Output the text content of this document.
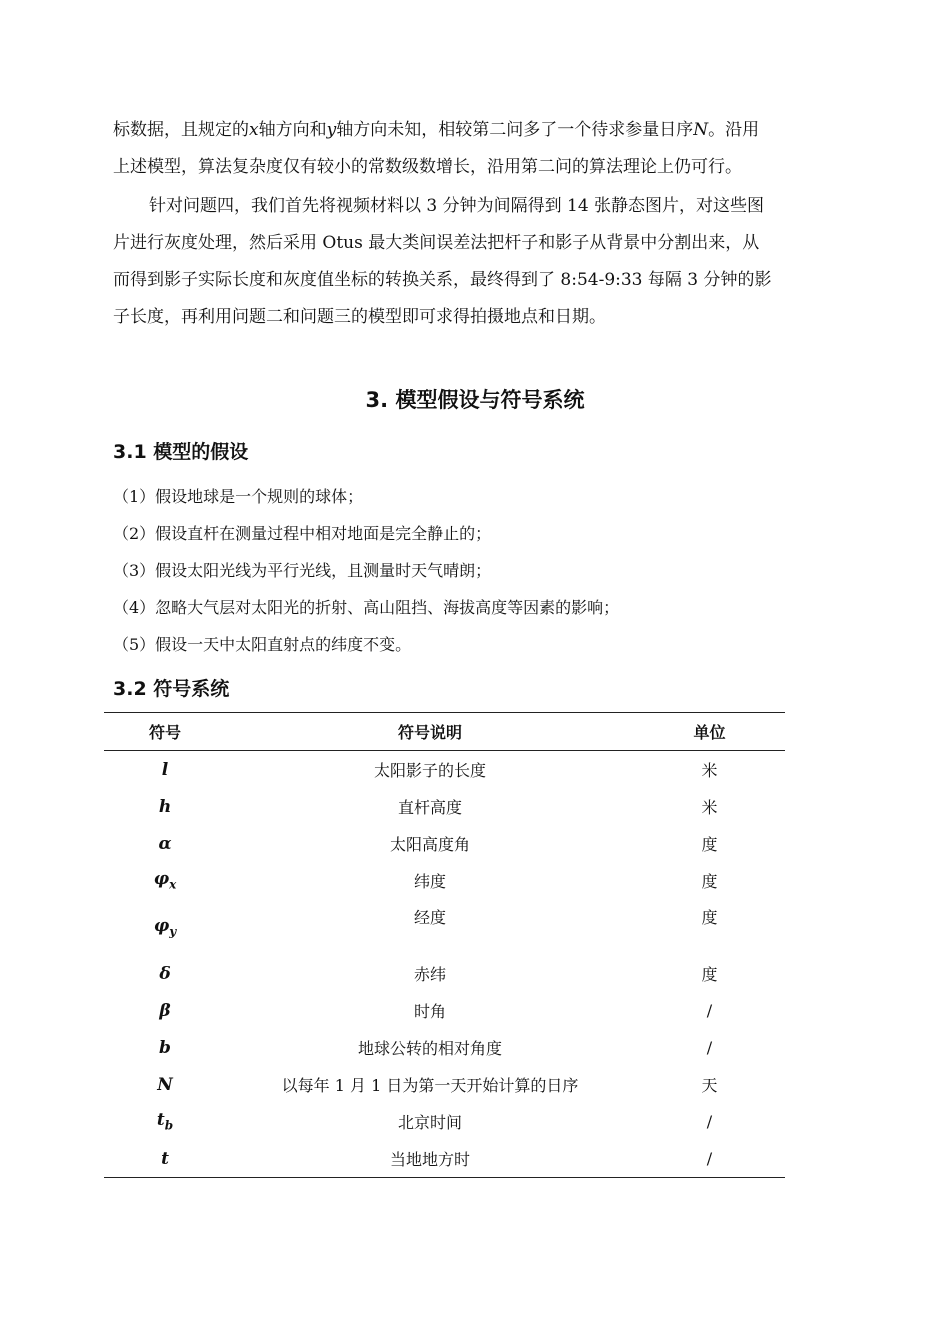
标数据，且规定的x轴方向和y轴方向未知，相较第二问多了一个待求参量日序N。沿用
上述模型，算法复杂度仅有较小的常数级数增长，沿用第二问的算法理论上仍可行。

针对问题四，我们首先将视频材料以 3 分钟为间隔得到 14 张静态图片，对这些图
片进行灰度处理，然后采用 Otus 最大类间误差法把杆子和影子从背景中分割出来，从
而得到影子实际长度和灰度值坐标的转换关系，最终得到了 8:54-9:33 每隔 3 分钟的影
子长度，再利用问题二和问题三的模型即可求得拍摄地点和日期。

3. 模型假设与符号系统
3.1 模型的假设
（1）假设地球是一个规则的球体；
（2）假设直杆在测量过程中相对地面是完全静止的；
（3）假设太阳光线为平行光线，且测量时天气晴朗；
（4）忽略大气层对太阳光的折射、高山阻挡、海拔高度等因素的影响；
（5）假设一天中太阳直射点的纬度不变。
3.2 符号系统
符号	符号说明	单位
l	太阳影子的长度	米
h	直杆高度	米
α	太阳高度角	度
$\varphi_x$	纬度	度
$\varphi_y$	经度	度
δ	赤纬	度
β	时角	/
b	地球公转的相对角度	/
N	以每年 1 月 1 日为第一天开始计算的日序	天
$t_b$	北京时间	/
t	当地地方时	/
